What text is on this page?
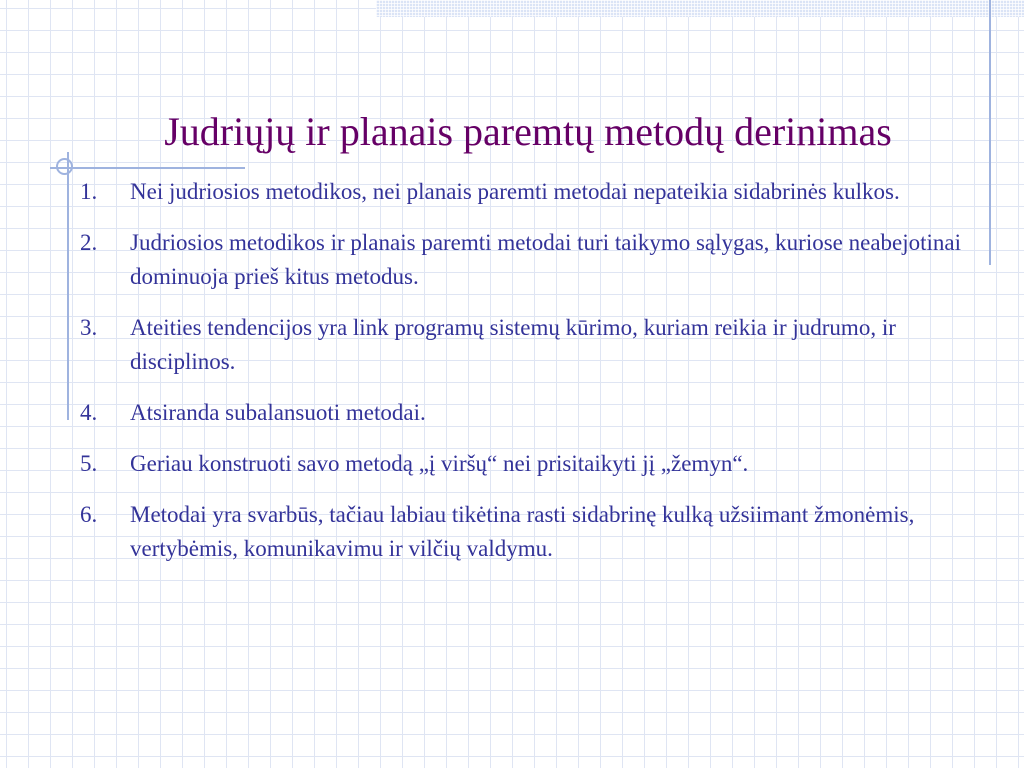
Judriųjų ir planais paremtų metodų derinimas
1. Nei judriosios metodikos, nei planais paremti metodai nepateikia sidabrinės kulkos.
2. Judriosios metodikos ir planais paremti metodai turi taikymo sąlygas, kuriose neabejotinai dominuoja prieš kitus metodus.
3. Ateities tendencijos yra link programų sistemų kūrimo, kuriam reikia ir judrumo, ir disciplinos.
4. Atsiranda subalansuoti metodai.
5. Geriau konstruoti savo metodą „į viršų“ nei prisitaikyti jį „žemyn“.
6. Metodai yra svarbūs, tačiau labiau tikėtina rasti sidabrinę kulką užsiimant žmonėmis, vertybėmis, komunikavimu ir vilčių valdymu.
